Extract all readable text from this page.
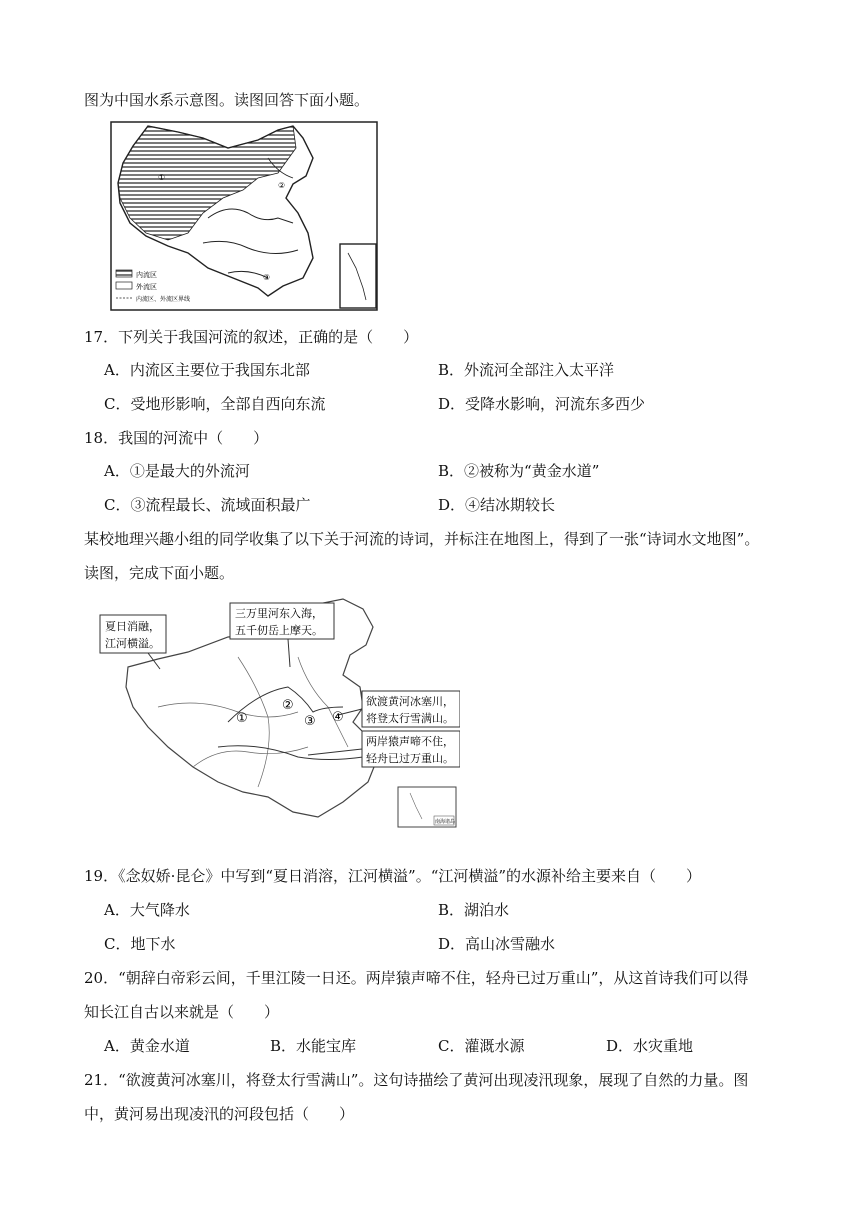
图为中国水系示意图。读图回答下面小题。
内流区
外流区
内流区、外流区界线
①
②
③
17．下列关于我国河流的叙述，正确的是（　　）
A．内流区主要位于我国东北部	B．外流河全部注入太平洋
C．受地形影响，全部自西向东流	D．受降水影响，河流东多西少
18．我国的河流中（　　）
A．①是最大的外流河	B．②被称为“黄金水道”
C．③流程最长、流域面积最广	D．④结冰期较长
某校地理兴趣小组的同学收集了以下关于河流的诗词，并标注在地图上，得到了一张“诗词水文地图”。
读图，完成下面小题。
南海诸岛
夏日消融，
江河横溢。
三万里河东入海，
五千仞岳上摩天。
欲渡黄河冰塞川，
将登太行雪满山。
两岸猿声啼不住，
轻舟已过万重山。
①
②
③ ④
19．《念奴娇·昆仑》中写到“夏日消溶，江河横溢”。“江河横溢”的水源补给主要来自（　　）
A．大气降水	B．湖泊水
C．地下水	D．高山冰雪融水
20．“朝辞白帝彩云间，千里江陵一日还。两岸猿声啼不住，轻舟已过万重山”，从这首诗我们可以得
知长江自古以来就是（　　）
A．黄金水道	B．水能宝库	C．灌溉水源	D．水灾重地
21．“欲渡黄河冰塞川，将登太行雪满山”。这句诗描绘了黄河出现凌汛现象，展现了自然的力量。图
中，黄河易出现凌汛的河段包括（　　）
